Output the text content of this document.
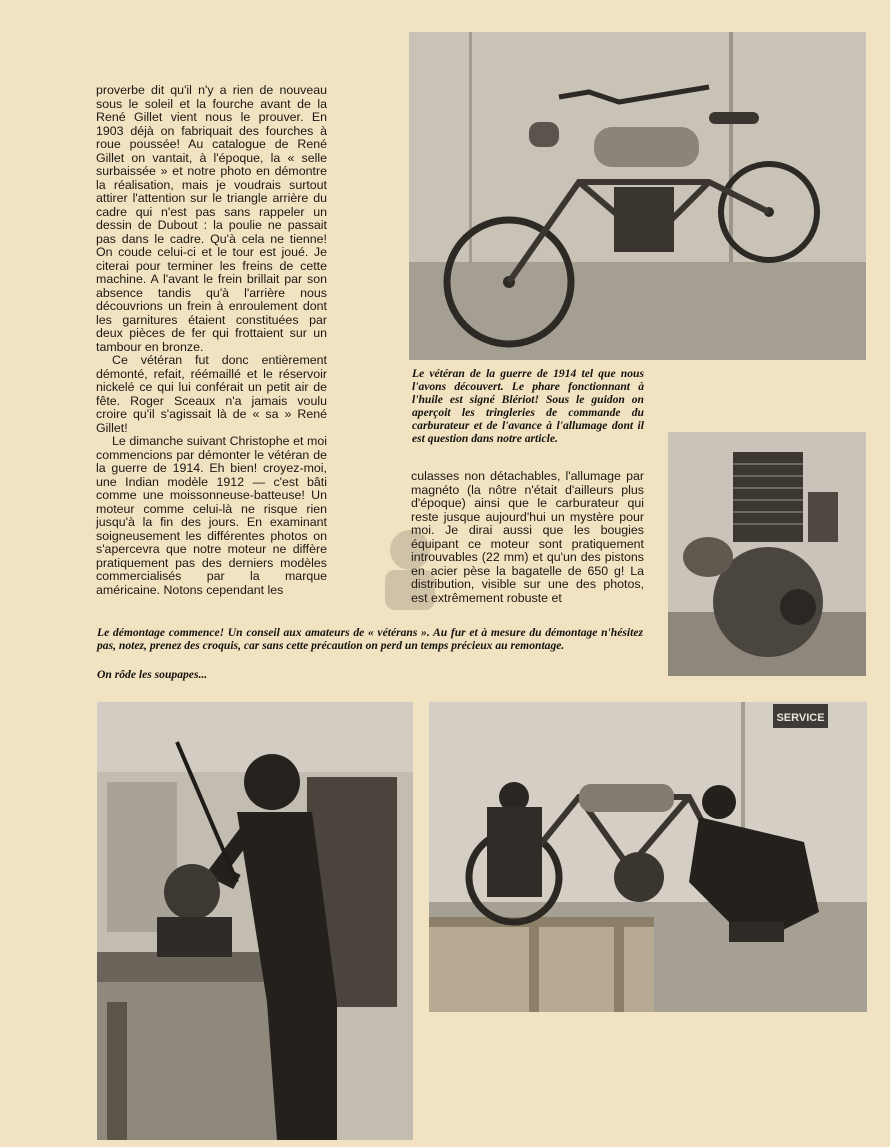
SERVICE

proverbe dit qu'il n'y a rien de nouveau sous le soleil et la fourche avant de la René Gillet vient nous le prouver. En 1903 déjà on fabriquait des fourches à roue poussée! Au catalogue de René Gillet on vantait, à l'époque, la « selle surbaissée » et notre photo en démontre la réalisation, mais je voudrais surtout attirer l'attention sur le triangle arrière du cadre qui n'est pas sans rappeler un dessin de Dubout : la poulie ne passait pas dans le cadre. Qu'à cela ne tienne! On coude celui-ci et le tour est joué. Je citerai pour terminer les freins de cette machine. A l'avant le frein brillait par son absence tandis qu'à l'arrière nous découvrions un frein à enroulement dont les garnitures étaient constituées par deux pièces de fer qui frottaient sur un tambour en bronze.

Ce vétéran fut donc entièrement démonté, refait, réémaillé et le réservoir nickelé ce qui lui conférait un petit air de fête. Roger Sceaux n'a jamais voulu croire qu'il s'agissait là de « sa » René Gillet!

Le dimanche suivant Christophe et moi commencions par démonter le vétéran de la guerre de 1914. Eh bien! croyez-moi, une Indian modèle 1912 — c'est bâti comme une moissonneuse-batteuse! Un moteur comme celui-là ne risque rien jusqu'à la fin des jours. En examinant soigneusement les différentes photos on s'apercevra que notre moteur ne diffère pratiquement pas des derniers modèles commercialisés par la marque américaine. Notons cependant les

Le vétéran de la guerre de 1914 tel que nous l'avons découvert. Le phare fonctionnant à l'huile est signé Blériot! Sous le guidon on aperçoit les tringleries de commande du carburateur et de l'avance à l'allumage dont il est question dans notre article.

culasses non détachables, l'allumage par magnéto (la nôtre n'était d'ailleurs plus d'époque) ainsi que le carburateur qui reste jusque aujourd'hui un mystère pour moi. Je dirai aussi que les bougies équipant ce moteur sont pratiquement introuvables (22 mm) et qu'un des pistons en acier pèse la bagatelle de 650 g! La distribution, visible sur une des photos, est extrêmement robuste et

Le démontage commence! Un conseil aux amateurs de « vétérans ». Au fur et à mesure du démontage n'hésitez pas, notez, prenez des croquis, car sans cette précaution on perd un temps précieux au remontage.
On rôde les soupapes...
